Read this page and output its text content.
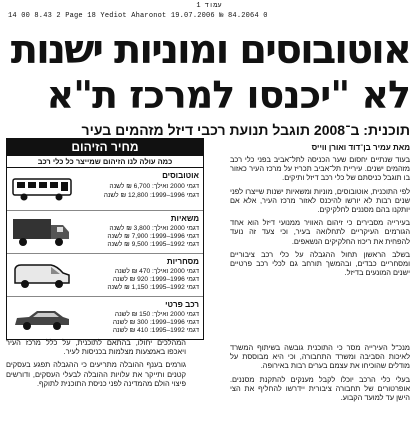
עמוד 1
14 00 8.43 2 Page 18 Yediot Aharonot 19.07.2006 № 84.2064 0
אוטובוסים ומוניות ישנות
לא "יכנסו למרכז ת"א
תוכנית: ב־2008 תוגבל תנועת רכבי דיזל מזהמים בעיר
מאת עמיר בן־דוד ואורן ווייס

בעוד שנתיים יחסום שער הכניסה לתל־אביב בפני כלי רכב מזהמים ישנים. עיריית תל־אביב תכריז על מרכז העיר כאזור בו תוגבל כניסתם של כלי רכב דיזל ותיקים.

לפי התוכנית, אוטובוסים, מוניות ומשאיות ישנות שייצרו לפני שנים רבות לא יורשו להיכנס לאזור מרכז העיר, אלא אם יותקנו בהם מסננים לחלקיקים.

בעירייה מסבירים כי זיהום האוויר ממנועי דיזל הוא אחד הגורמים העיקריים לתחלואה בעיר, וכי צעד זה נועד להפחית את ריכוז החלקיקים הנשאפים.

בשלב הראשון תחול ההגבלה על כלי רכב ציבוריים ומסחריים כבדים, ובהמשך תורחב גם לכלי רכב פרטיים ישנים המונעים בדיזל.

מחיר הזיהום
כמה עולה לנו הזיהום שמייצר כל כלי רכב
אוטובוסים
דגמי 2000 ואילך: 6,700 ₪ לשנה
דגמי 1996–1999: 12,800 ₪ לשנה
משאיות
דגמי 2000 ואילך: 3,800 ₪ לשנה
דגמי 1996–1999: 7,900 ₪ לשנה
דגמי 1992–1995: 9,500 ₪ לשנה
מסחריות
דגמי 2000 ואילך: 470 ₪ לשנה
דגמי 1996–1999: 920 ₪ לשנה
דגמי 1992–1995: 1,150 ₪ לשנה
רכב פרטי
דגמי 2000 ואילך: 150 ₪ לשנה
דגמי 1996–1999: 300 ₪ לשנה
דגמי 1992–1995: 410 ₪ לשנה

מנכ"ל העירייה מסר כי התוכנית גובשה בשיתוף המשרד לאיכות הסביבה ומשרד התחבורה, וכי היא מבוססת על מודלים שהוכיחו את עצמם בערים רבות באירופה.

בעלי כלי הרכב יוכלו לקבל מענקים להתקנת מסננים. אופרטורים של תחבורה ציבורית יידרשו להחליף את הצי הישן עד למועד הקבוע.

המהלכים יחולו, בהתאם לתוכנית, על כלל מרכז העיר ויאכפו באמצעות מצלמות בכניסות לעיר.

גורמים בענף ההובלה מתריעים כי ההגבלה תפגע בעסקים קטנים ותייקר את עלויות ההובלה לבעלי העסקים, ודורשים פיצוי הולם מהמדינה לפני כניסת התוכנית לתוקף.
